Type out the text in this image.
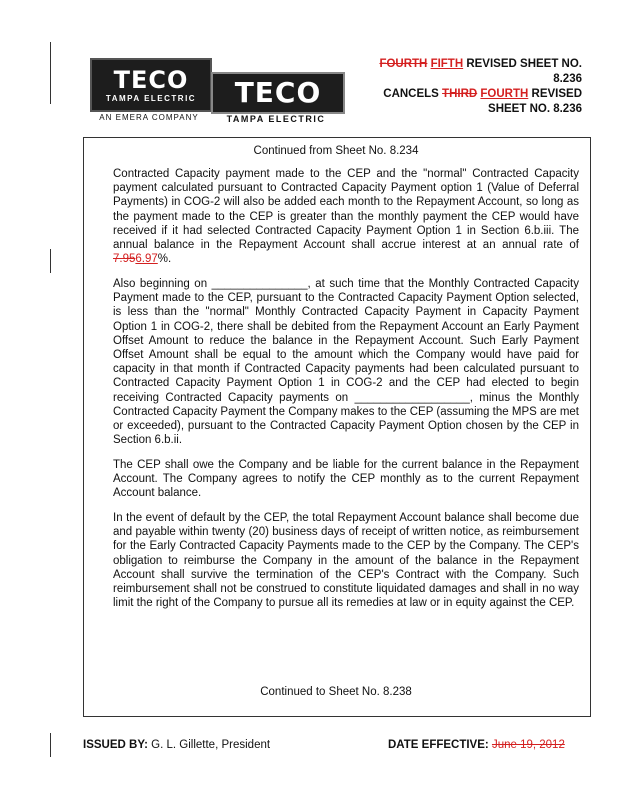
TECO
TAMPA ELECTRIC
AN EMERA COMPANY
TECO
TAMPA ELECTRIC
FOURTH FIFTH REVISED SHEET NO.
8.236
CANCELS THIRD FOURTH REVISED
SHEET NO. 8.236
Continued from Sheet No. 8.234
Contracted Capacity payment made to the CEP and the "normal" Contracted Capacity payment calculated pursuant to Contracted Capacity Payment option 1 (Value of Deferral Payments) in COG-2 will also be added each month to the Repayment Account, so long as the payment made to the CEP is greater than the monthly payment the CEP would have received if it had selected Contracted Capacity Payment Option 1 in Section 6.b.iii. The annual balance in the Repayment Account shall accrue interest at an annual rate of 7.956.97%.
Also beginning on _______________, at such time that the Monthly Contracted Capacity Payment made to the CEP, pursuant to the Contracted Capacity Payment Option selected, is less than the "normal" Monthly Contracted Capacity Payment in Capacity Payment Option 1 in COG-2, there shall be debited from the Repayment Account an Early Payment Offset Amount to reduce the balance in the Repayment Account. Such Early Payment Offset Amount shall be equal to the amount which the Company would have paid for capacity in that month if Contracted Capacity payments had been calculated pursuant to Contracted Capacity Payment Option 1 in COG-2 and the CEP had elected to begin receiving Contracted Capacity payments on __________________, minus the Monthly Contracted Capacity Payment the Company makes to the CEP (assuming the MPS are met or exceeded), pursuant to the Contracted Capacity Payment Option chosen by the CEP in Section 6.b.ii.
The CEP shall owe the Company and be liable for the current balance in the Repayment Account. The Company agrees to notify the CEP monthly as to the current Repayment Account balance.
In the event of default by the CEP, the total Repayment Account balance shall become due and payable within twenty (20) business days of receipt of written notice, as reimbursement for the Early Contracted Capacity Payments made to the CEP by the Company. The CEP's obligation to reimburse the Company in the amount of the balance in the Repayment Account shall survive the termination of the CEP's Contract with the Company. Such reimbursement shall not be construed to constitute liquidated damages and shall in no way limit the right of the Company to pursue all its remedies at law or in equity against the CEP.
Continued to Sheet No. 8.238
ISSUED BY: G. L. Gillette, President	DATE EFFECTIVE: June 19, 2012
